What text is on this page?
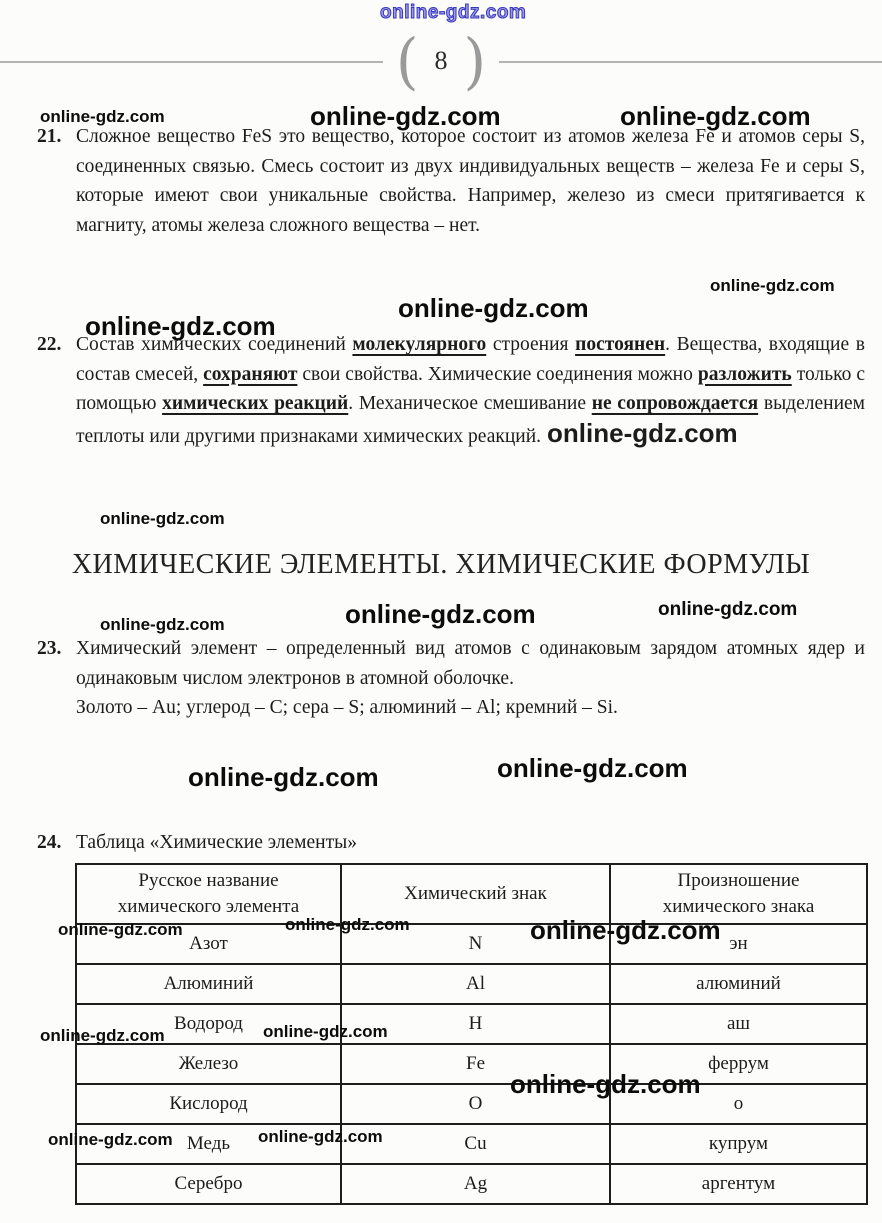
online-gdz.com
( 8 )
online-gdz.com	online-gdz.com	online-gdz.com
21. Сложное вещество FeS это вещество, которое состоит из атомов железа Fe и атомов серы S, соединенных связью. Смесь состоит из двух индивидуальных веществ – железа Fe и серы S, которые имеют свои уникальные свойства. Например, железо из смеси притягивается к магниту, атомы железа сложного вещества – нет.
online-gdz.com
online-gdz.com
online-gdz.com
22. Состав химических соединений молекулярного строения постоянен. Вещества, входящие в состав смесей, сохраняют свои свойства. Химические соединения можно разложить только с помощью химических реакций. Механическое смешивание не сопровождается выделением теплоты или другими признаками химических реакций. online-gdz.com
online-gdz.com
ХИМИЧЕСКИЕ ЭЛЕМЕНТЫ. ХИМИЧЕСКИЕ ФОРМУЛЫ
online-gdz.com	online-gdz.com	online-gdz.com
23. Химический элемент – определенный вид атомов с одинаковым зарядом атомных ядер и одинаковым числом электронов в атомной оболочке.
Золото – Au; углерод – C; сера – S; алюминий – Al; кремний – Si.
online-gdz.com	online-gdz.com
24. Таблица «Химические элементы»
Русское название
химического элемента	Химический знак	Произношение
химического знака

Азот	N	эн
Алюминий	Al	алюминий
Водород	H	аш
Железо	Fe	феррум
Кислород	O	о
Медь	Cu	купрум
Серебро	Ag	аргентум
online-gdz.com	online-gdz.com	online-gdz.com
online-gdz.com	online-gdz.com
online-gdz.com
online-gdz.com	online-gdz.com
